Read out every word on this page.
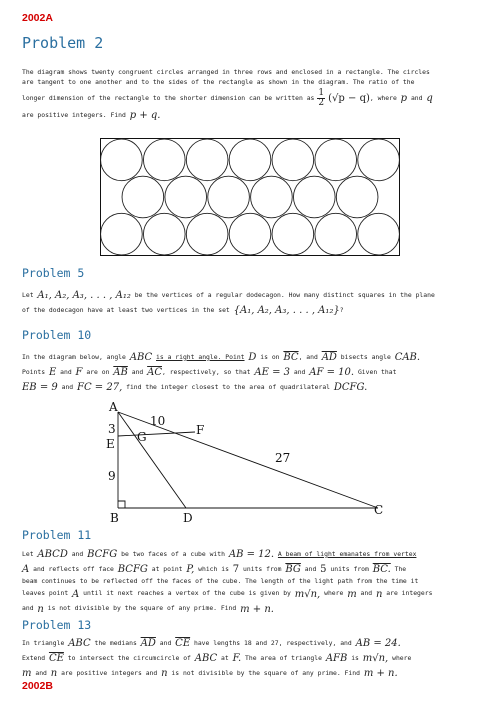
2002A
Problem 2
The diagram shows twenty congruent circles arranged in three rows and enclosed in a rectangle. The circles
are tangent to one another and to the sides of the rectangle as shown in the diagram. The ratio of the
longer dimension of the rectangle to the shorter dimension can be written as $\frac{1}{2} (√p - q)$ , where
p
and
q
are positive integers. Find
p + q.
Problem 5
Let
A₁, A₂, A₃, . . . , A₁₂
be the vertices of a regular dodecagon. How many distinct squares in the plane
of the dodecagon have at least two vertices in the set
{A₁, A₂, A₃, . . . , A₁₂} ?
Problem 10
In the diagram below, angle
ABC
is a right angle. Point
D
is on
$\overline{BC}$ , and
$\overline{AD}$
bisects angle
CAB.
Points
E
and
F
are on
$\overline{AB}$
and
$\overline{AC}$ , respectively, so that
AE = 3
and
AF = 10.
Given that
EB = 9
and
FC = 27,
find the integer closest to the area of quadrilateral
DCFG.
A
B
C
D
E
F
G
10
3
9
27
Problem 11
Let
ABCD
and
BCFG
be two faces of a cube with
AB = 12.
A beam of light emanates from vertex
A
and reflects off face
BCFG
at point
P,
which is
7
units from
$\overline{BG}$
and
5
units from
BC.
The
beam continues to be reflected off the faces of the cube. The length of the light path from the time it
leaves point
A
until it next reaches a vertex of the cube is given by
m√n,
where
m
and
n
are integers
and
n
is not divisible by the square of any prime. Find
m + n.
Problem 13
In triangle
ABC
the medians
$\overline{AD}$
and
$\overline{CE}$
have lengths 18 and 27, respectively, and
AB = 24.
Extend
$\overline{CE}$
to intersect the circumcircle of
ABC
at
F.
The area of triangle
AFB
is
m√n,
where
m
and
n
are positive integers and
n
is not divisible by the square of any prime. Find
m + n.
2002B
